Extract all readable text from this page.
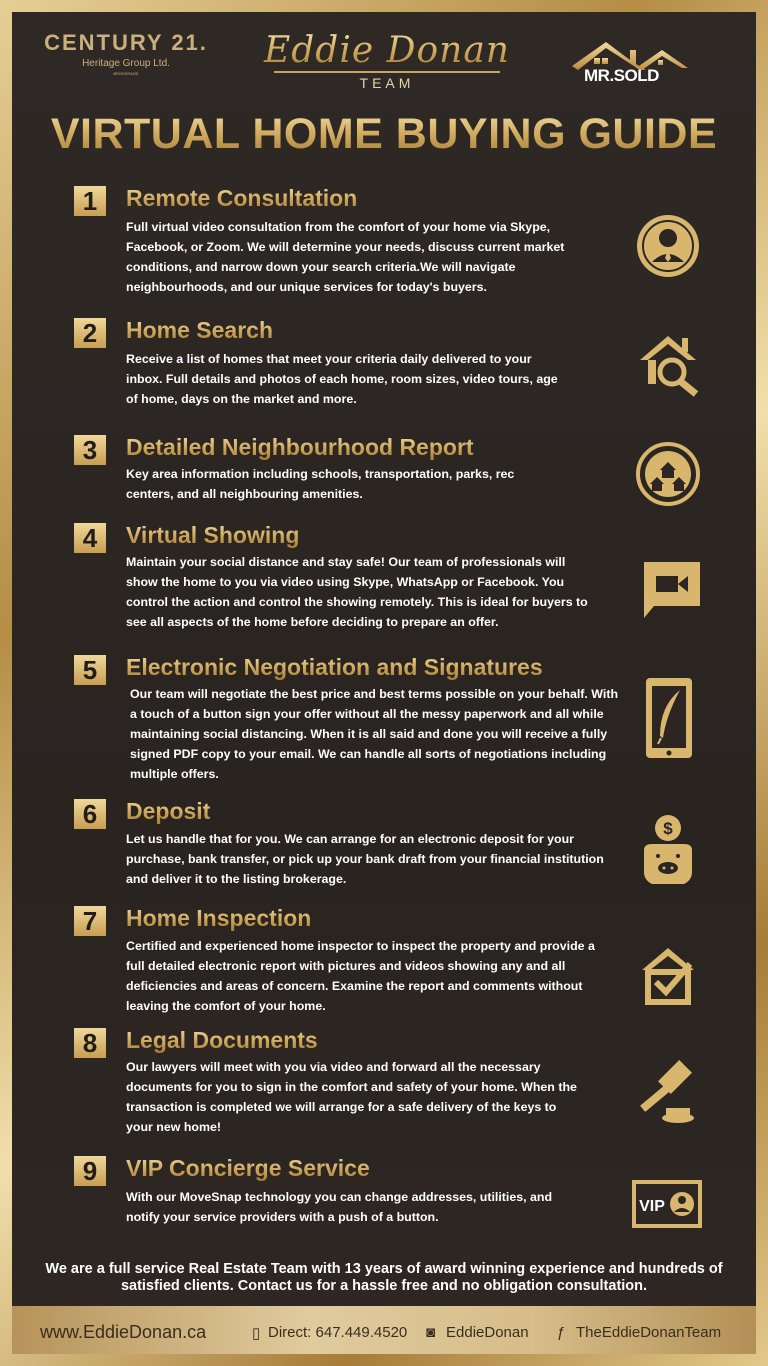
CENTURY 21.
Heritage Group Ltd.
BROKERAGE
Eddie Donan
TEAM	MR.SOLD
VIRTUAL HOME BUYING GUIDE
1	Remote Consultation
Full virtual video consultation from the comfort of your home via Skype, Facebook, or Zoom. We will determine your needs, discuss current market conditions, and narrow down your search criteria.We will navigate neighbourhoods, and our unique services for today's buyers.
2	Home Search
Receive a list of homes that meet your criteria daily delivered to your inbox. Full details and photos of each home, room sizes, video tours, age of home, days on the market and more.
3	Detailed Neighbourhood Report
Key area information including schools, transportation, parks, rec centers, and all neighbouring amenities.
4	Virtual Showing
Maintain your social distance and stay safe! Our team of professionals will show the home to you via video using Skype, WhatsApp or Facebook. You control the action and control the showing remotely. This is ideal for buyers to see all aspects of the home before deciding to prepare an offer.
5	Electronic Negotiation and Signatures
Our team will negotiate the best price and best terms possible on your behalf. With a touch of a button sign your offer without all the messy paperwork and all while maintaining social distancing. When it is all said and done you will receive a fully signed PDF copy to your email. We can handle all sorts of negotiations including multiple offers.
6	Deposit
Let us handle that for you. We can arrange for an electronic deposit for your purchase, bank transfer, or pick up your bank draft from your financial institution and deliver it to the listing brokerage.
$
7	Home Inspection
Certified and experienced home inspector to inspect the property and provide a full detailed electronic report with pictures and videos showing any and all deficiencies and areas of concern. Examine the report and comments without leaving the comfort of your home.
8	Legal Documents
Our lawyers will meet with you via video and forward all the necessary documents for you to sign in the comfort and safety of your home. When the transaction is completed we will arrange for a safe delivery of the keys to your new home!
9	VIP Concierge Service
With our MoveSnap technology you can change addresses, utilities, and notify your service providers with a push of a button.
VIP
We are a full service Real Estate Team with 13 years of award winning experience and hundreds of satisfied clients. Contact us for a hassle free and no obligation consultation.
www.EddieDonan.ca	▯ Direct: 647.449.4520 ◙ EddieDonan ƒ TheEddieDonanTeam
